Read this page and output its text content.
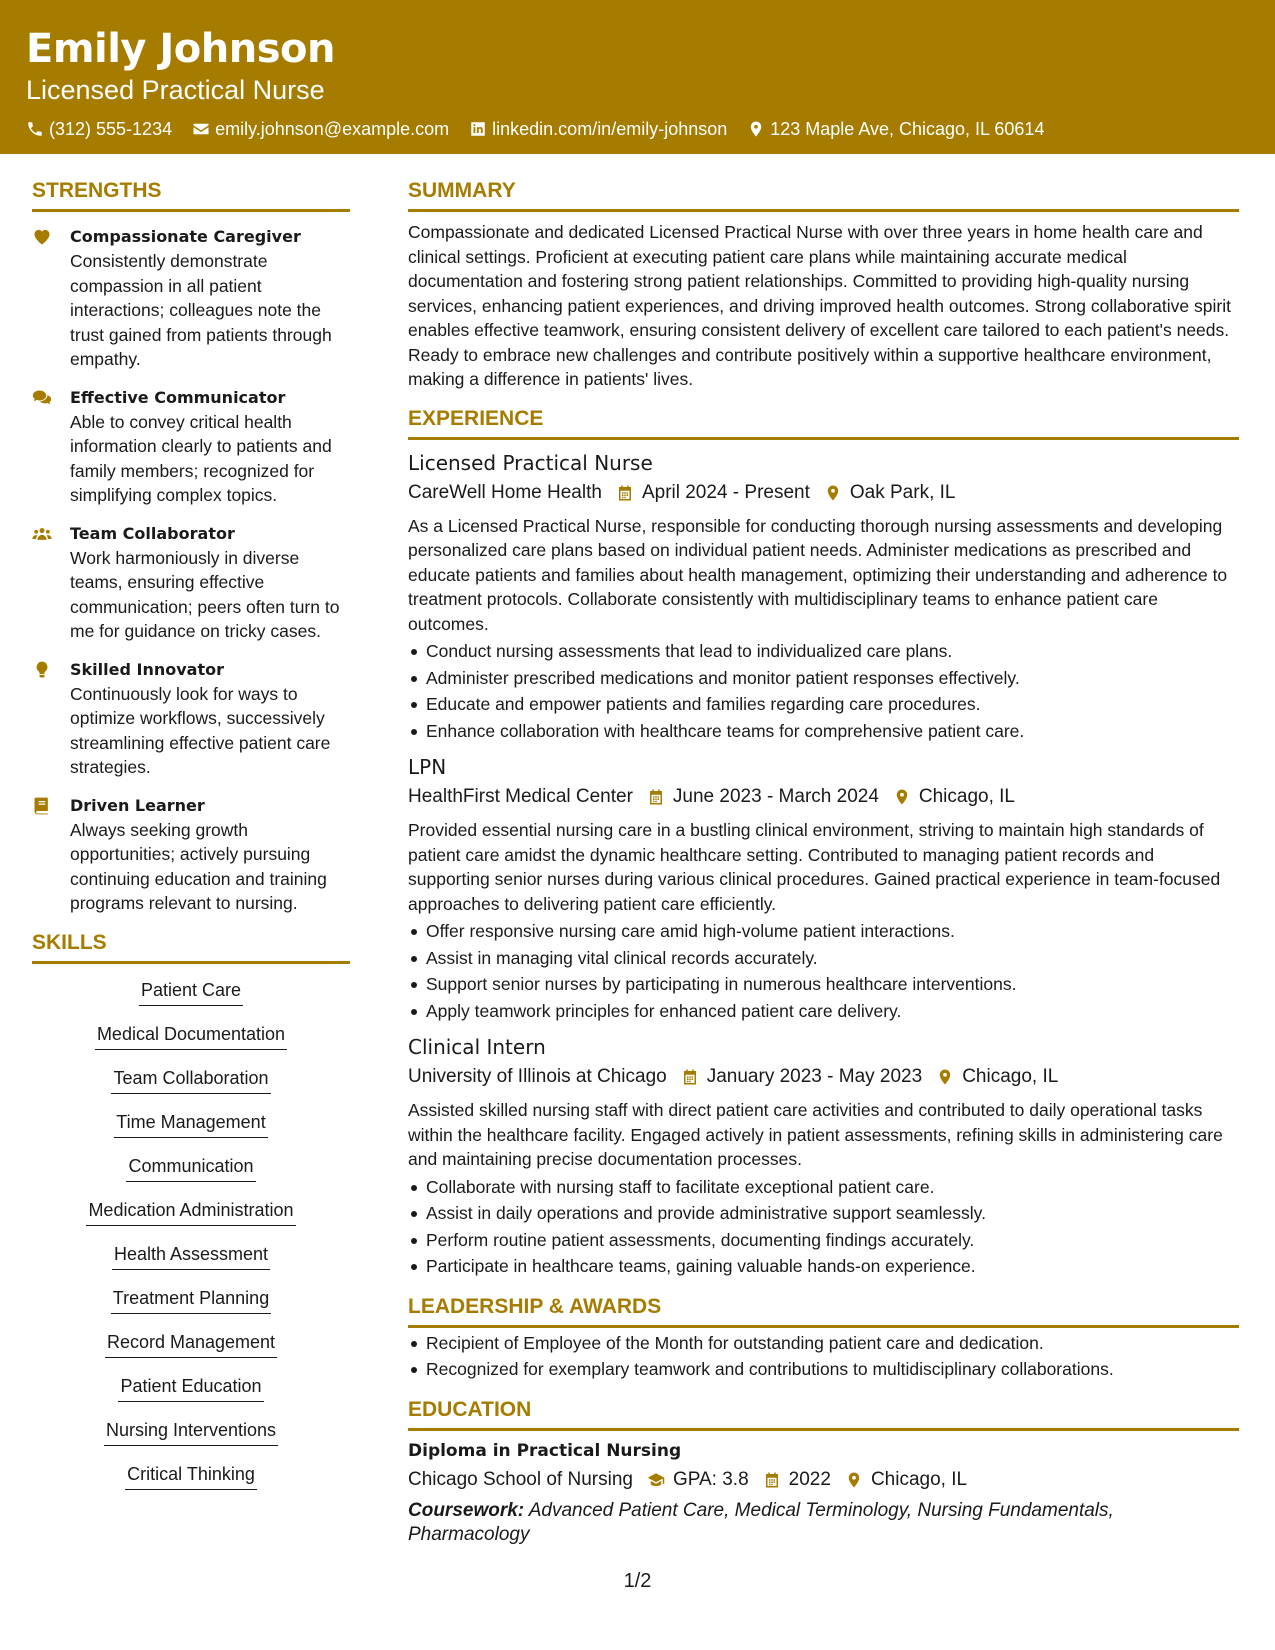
Emily Johnson
Licensed Practical Nurse
(312) 555-1234 emily.johnson@example.com linkedin.com/in/emily-johnson 123 Maple Ave, Chicago, IL 60614
STRENGTHS
Compassionate Caregiver
Consistently demonstrate compassion in all patient interactions; colleagues note the trust gained from patients through empathy.
Effective Communicator
Able to convey critical health information clearly to patients and family members; recognized for simplifying complex topics.
Team Collaborator
Work harmoniously in diverse teams, ensuring effective communication; peers often turn to me for guidance on tricky cases.
Skilled Innovator
Continuously look for ways to optimize workflows, successively streamlining effective patient care strategies.
Driven Learner
Always seeking growth opportunities; actively pursuing continuing education and training programs relevant to nursing.
SKILLS
Patient Care
Medical Documentation
Team Collaboration
Time Management
Communication
Medication Administration
Health Assessment
Treatment Planning
Record Management
Patient Education
Nursing Interventions
Critical Thinking
SUMMARY
Compassionate and dedicated Licensed Practical Nurse with over three years in home health care and clinical settings. Proficient at executing patient care plans while maintaining accurate medical documentation and fostering strong patient relationships. Committed to providing high-quality nursing services, enhancing patient experiences, and driving improved health outcomes. Strong collaborative spirit enables effective teamwork, ensuring consistent delivery of excellent care tailored to each patient's needs. Ready to embrace new challenges and contribute positively within a supportive healthcare environment, making a difference in patients' lives.
EXPERIENCE
Licensed Practical Nurse
CareWell Home Health April 2024 - Present Oak Park, IL
As a Licensed Practical Nurse, responsible for conducting thorough nursing assessments and developing personalized care plans based on individual patient needs. Administer medications as prescribed and educate patients and families about health management, optimizing their understanding and adherence to treatment protocols. Collaborate consistently with multidisciplinary teams to enhance patient care outcomes.
Conduct nursing assessments that lead to individualized care plans.
Administer prescribed medications and monitor patient responses effectively.
Educate and empower patients and families regarding care procedures.
Enhance collaboration with healthcare teams for comprehensive patient care.
LPN
HealthFirst Medical Center June 2023 - March 2024 Chicago, IL
Provided essential nursing care in a bustling clinical environment, striving to maintain high standards of patient care amidst the dynamic healthcare setting. Contributed to managing patient records and supporting senior nurses during various clinical procedures. Gained practical experience in team-focused approaches to delivering patient care efficiently.
Offer responsive nursing care amid high-volume patient interactions.
Assist in managing vital clinical records accurately.
Support senior nurses by participating in numerous healthcare interventions.
Apply teamwork principles for enhanced patient care delivery.
Clinical Intern
University of Illinois at Chicago January 2023 - May 2023 Chicago, IL
Assisted skilled nursing staff with direct patient care activities and contributed to daily operational tasks within the healthcare facility. Engaged actively in patient assessments, refining skills in administering care and maintaining precise documentation processes.
Collaborate with nursing staff to facilitate exceptional patient care.
Assist in daily operations and provide administrative support seamlessly.
Perform routine patient assessments, documenting findings accurately.
Participate in healthcare teams, gaining valuable hands-on experience.
LEADERSHIP & AWARDS
Recipient of Employee of the Month for outstanding patient care and dedication.
Recognized for exemplary teamwork and contributions to multidisciplinary collaborations.
EDUCATION
Diploma in Practical Nursing
Chicago School of Nursing GPA: 3.8 2022 Chicago, IL
Coursework: Advanced Patient Care, Medical Terminology, Nursing Fundamentals, Pharmacology
1/2
